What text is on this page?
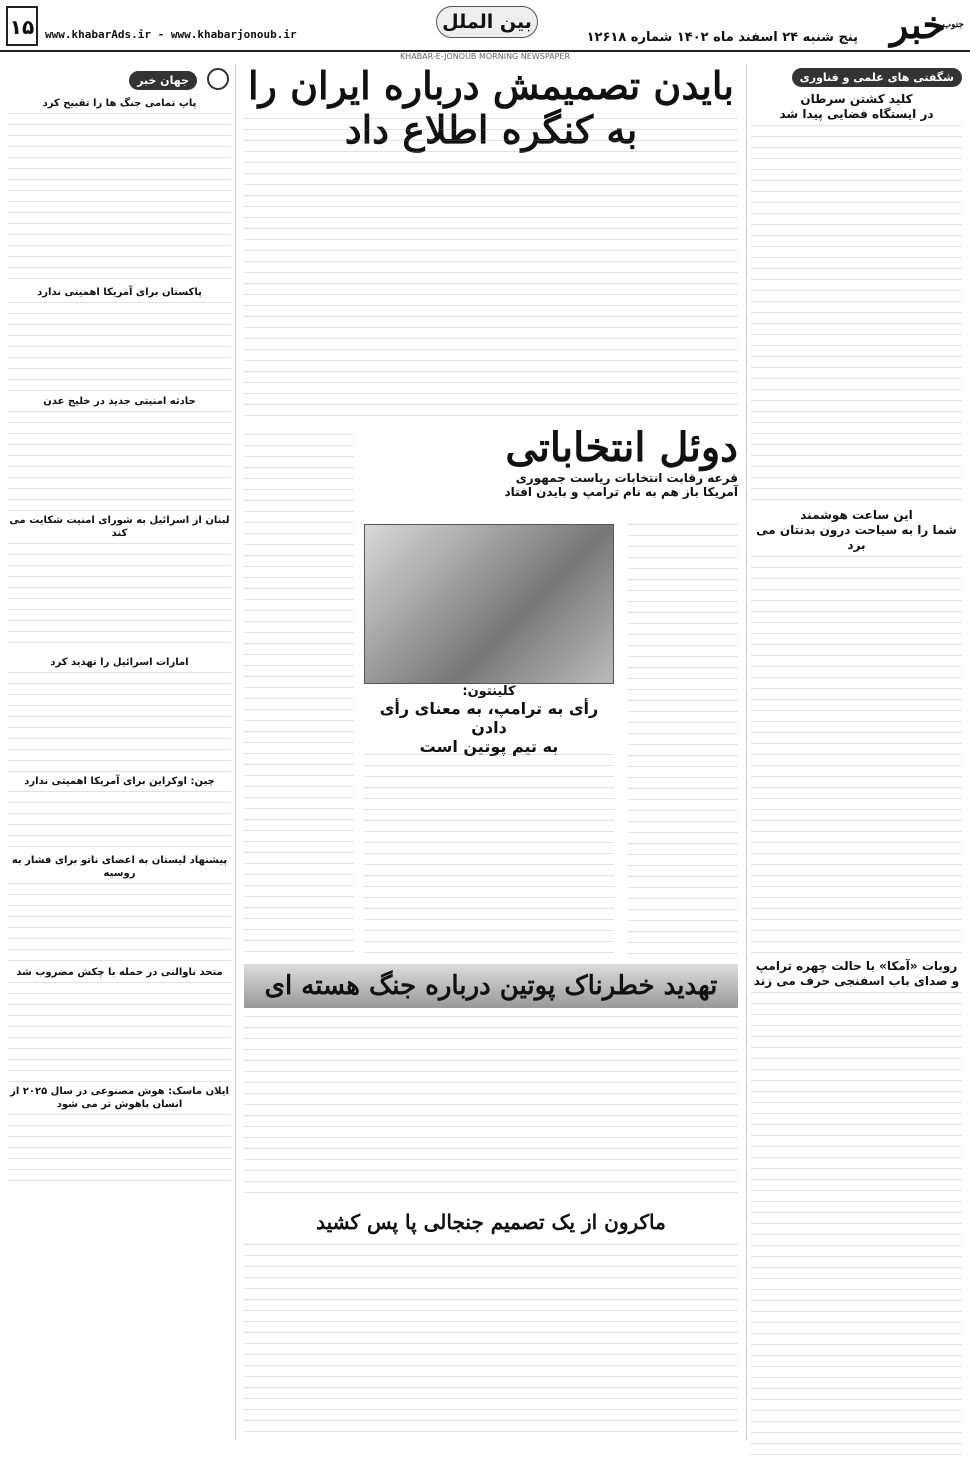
جنوب
خبر
پنج شنبه ۲۴ اسفند ماه ۱۴۰۲ شماره ۱۲۶۱۸
بین الملل
www.khabarAds.ir - www.khabarjonoub.ir
۱۵
KHABAR-E-JONOUB MORNING NEWSPAPER
شگفتی های علمی و فناوری
کلید کشتن سرطان
در ایستگاه فضایی پیدا شد
این ساعت هوشمند
شما را به سیاحت درون بدنتان می برد
روبات «آمکا» با حالت چهره ترامپ
و صدای باب اسفنجی حرف می زند
جهان خبر
پاپ تمامی جنگ ها را تقبیح کرد
پاکستان برای آمریکا اهمیتی ندارد
حادثه امنیتی جدید در خلیج عدن
لبنان از اسرائیل به شورای امنیت شکایت می کند
امارات اسرائیل را تهدید کرد
چین: اوکراین برای آمریکا اهمیتی ندارد
پیشنهاد لیستان به اعضای ناتو برای فشار به روسیه
متحد ناوالنی در حمله با چکش مضروب شد
ایلان ماسک: هوش مصنوعی در سال ۲۰۲۵ از انسان باهوش تر می شود
بایدن تصمیمش درباره ایران را به کنگره اطلاع داد
دوئل انتخاباتی
قرعه رقابت انتخابات ریاست جمهوری
آمریکا باز هم به نام ترامپ و بایدن افتاد
کلینتون:
رأی به ترامپ، به معنای رأی دادن
به تیم پوتین است
تهدید خطرناک پوتین درباره جنگ هسته ای
ماکرون از یک تصمیم جنجالی پا پس کشید
